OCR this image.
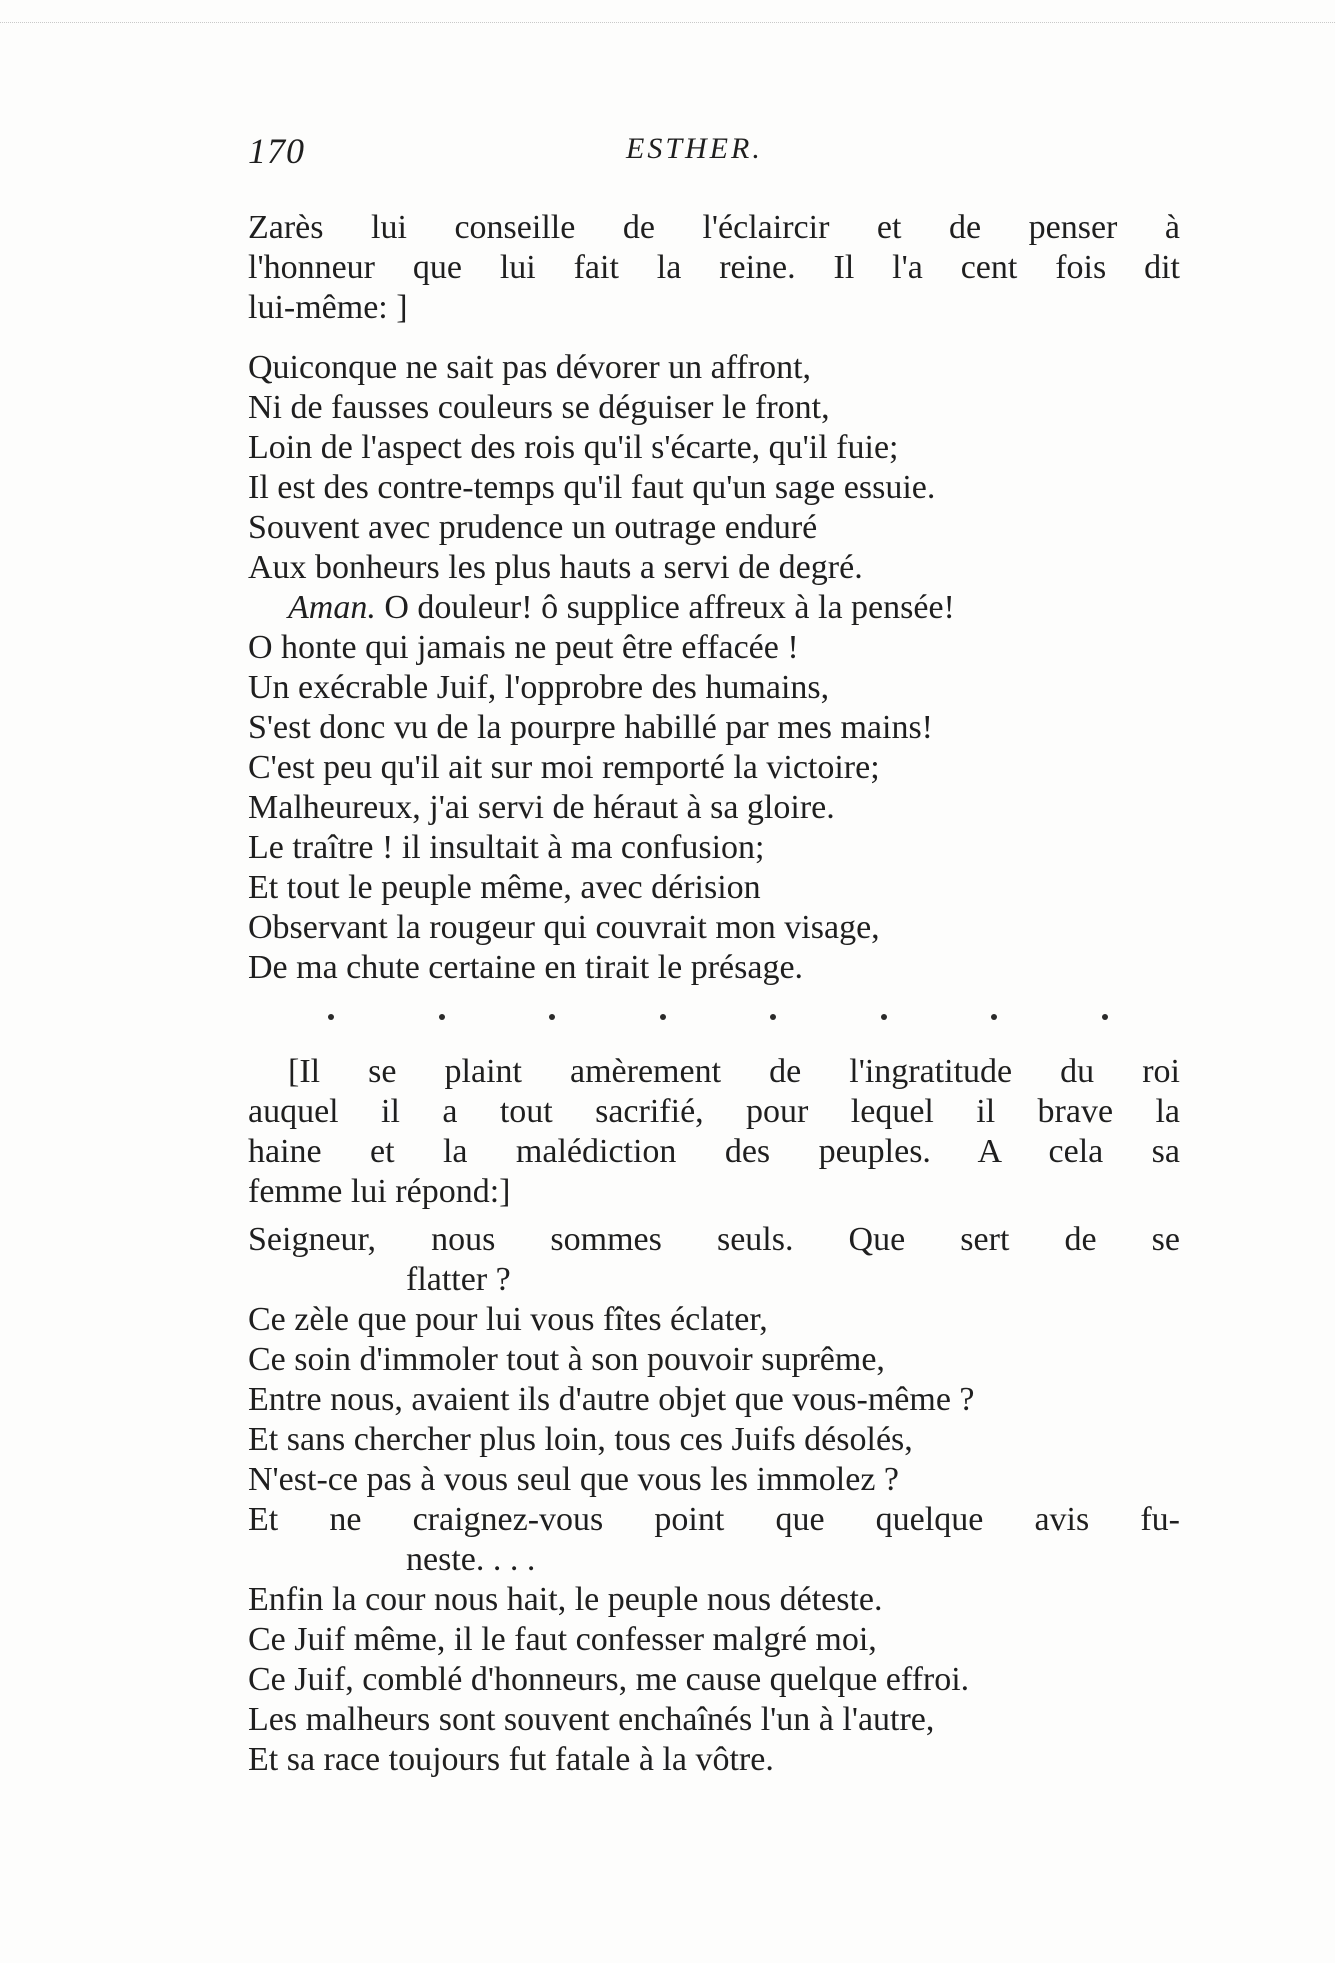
170	ESTHER.
Zarès lui conseille de l'éclaircir et de penser à
l'honneur que lui fait la reine. Il l'a cent fois dit
lui-même: ]
Quiconque ne sait pas dévorer un affront,
Ni de fausses couleurs se déguiser le front,
Loin de l'aspect des rois qu'il s'écarte, qu'il fuie;
Il est des contre-temps qu'il faut qu'un sage essuie.
Souvent avec prudence un outrage enduré
Aux bonheurs les plus hauts a servi de degré.
Aman. O douleur! ô supplice affreux à la pensée!
O honte qui jamais ne peut être effacée !
Un exécrable Juif, l'opprobre des humains,
S'est donc vu de la pourpre habillé par mes mains!
C'est peu qu'il ait sur moi remporté la victoire;
Malheureux, j'ai servi de héraut à sa gloire.
Le traître ! il insultait à ma confusion;
Et tout le peuple même, avec dérision
Observant la rougeur qui couvrait mon visage,
De ma chute certaine en tirait le présage.
[Il se plaint amèrement de l'ingratitude du roi
auquel il a tout sacrifié, pour lequel il brave la
haine et la malédiction des peuples. A cela sa
femme lui répond:]
Seigneur, nous sommes seuls. Que sert de se
flatter ?
Ce zèle que pour lui vous fîtes éclater,
Ce soin d'immoler tout à son pouvoir suprême,
Entre nous, avaient ils d'autre objet que vous-même ?
Et sans chercher plus loin, tous ces Juifs désolés,
N'est-ce pas à vous seul que vous les immolez ?
Et ne craignez-vous point que quelque avis fu-
neste. . . .
Enfin la cour nous hait, le peuple nous déteste.
Ce Juif même, il le faut confesser malgré moi,
Ce Juif, comblé d'honneurs, me cause quelque effroi.
Les malheurs sont souvent enchaînés l'un à l'autre,
Et sa race toujours fut fatale à la vôtre.
